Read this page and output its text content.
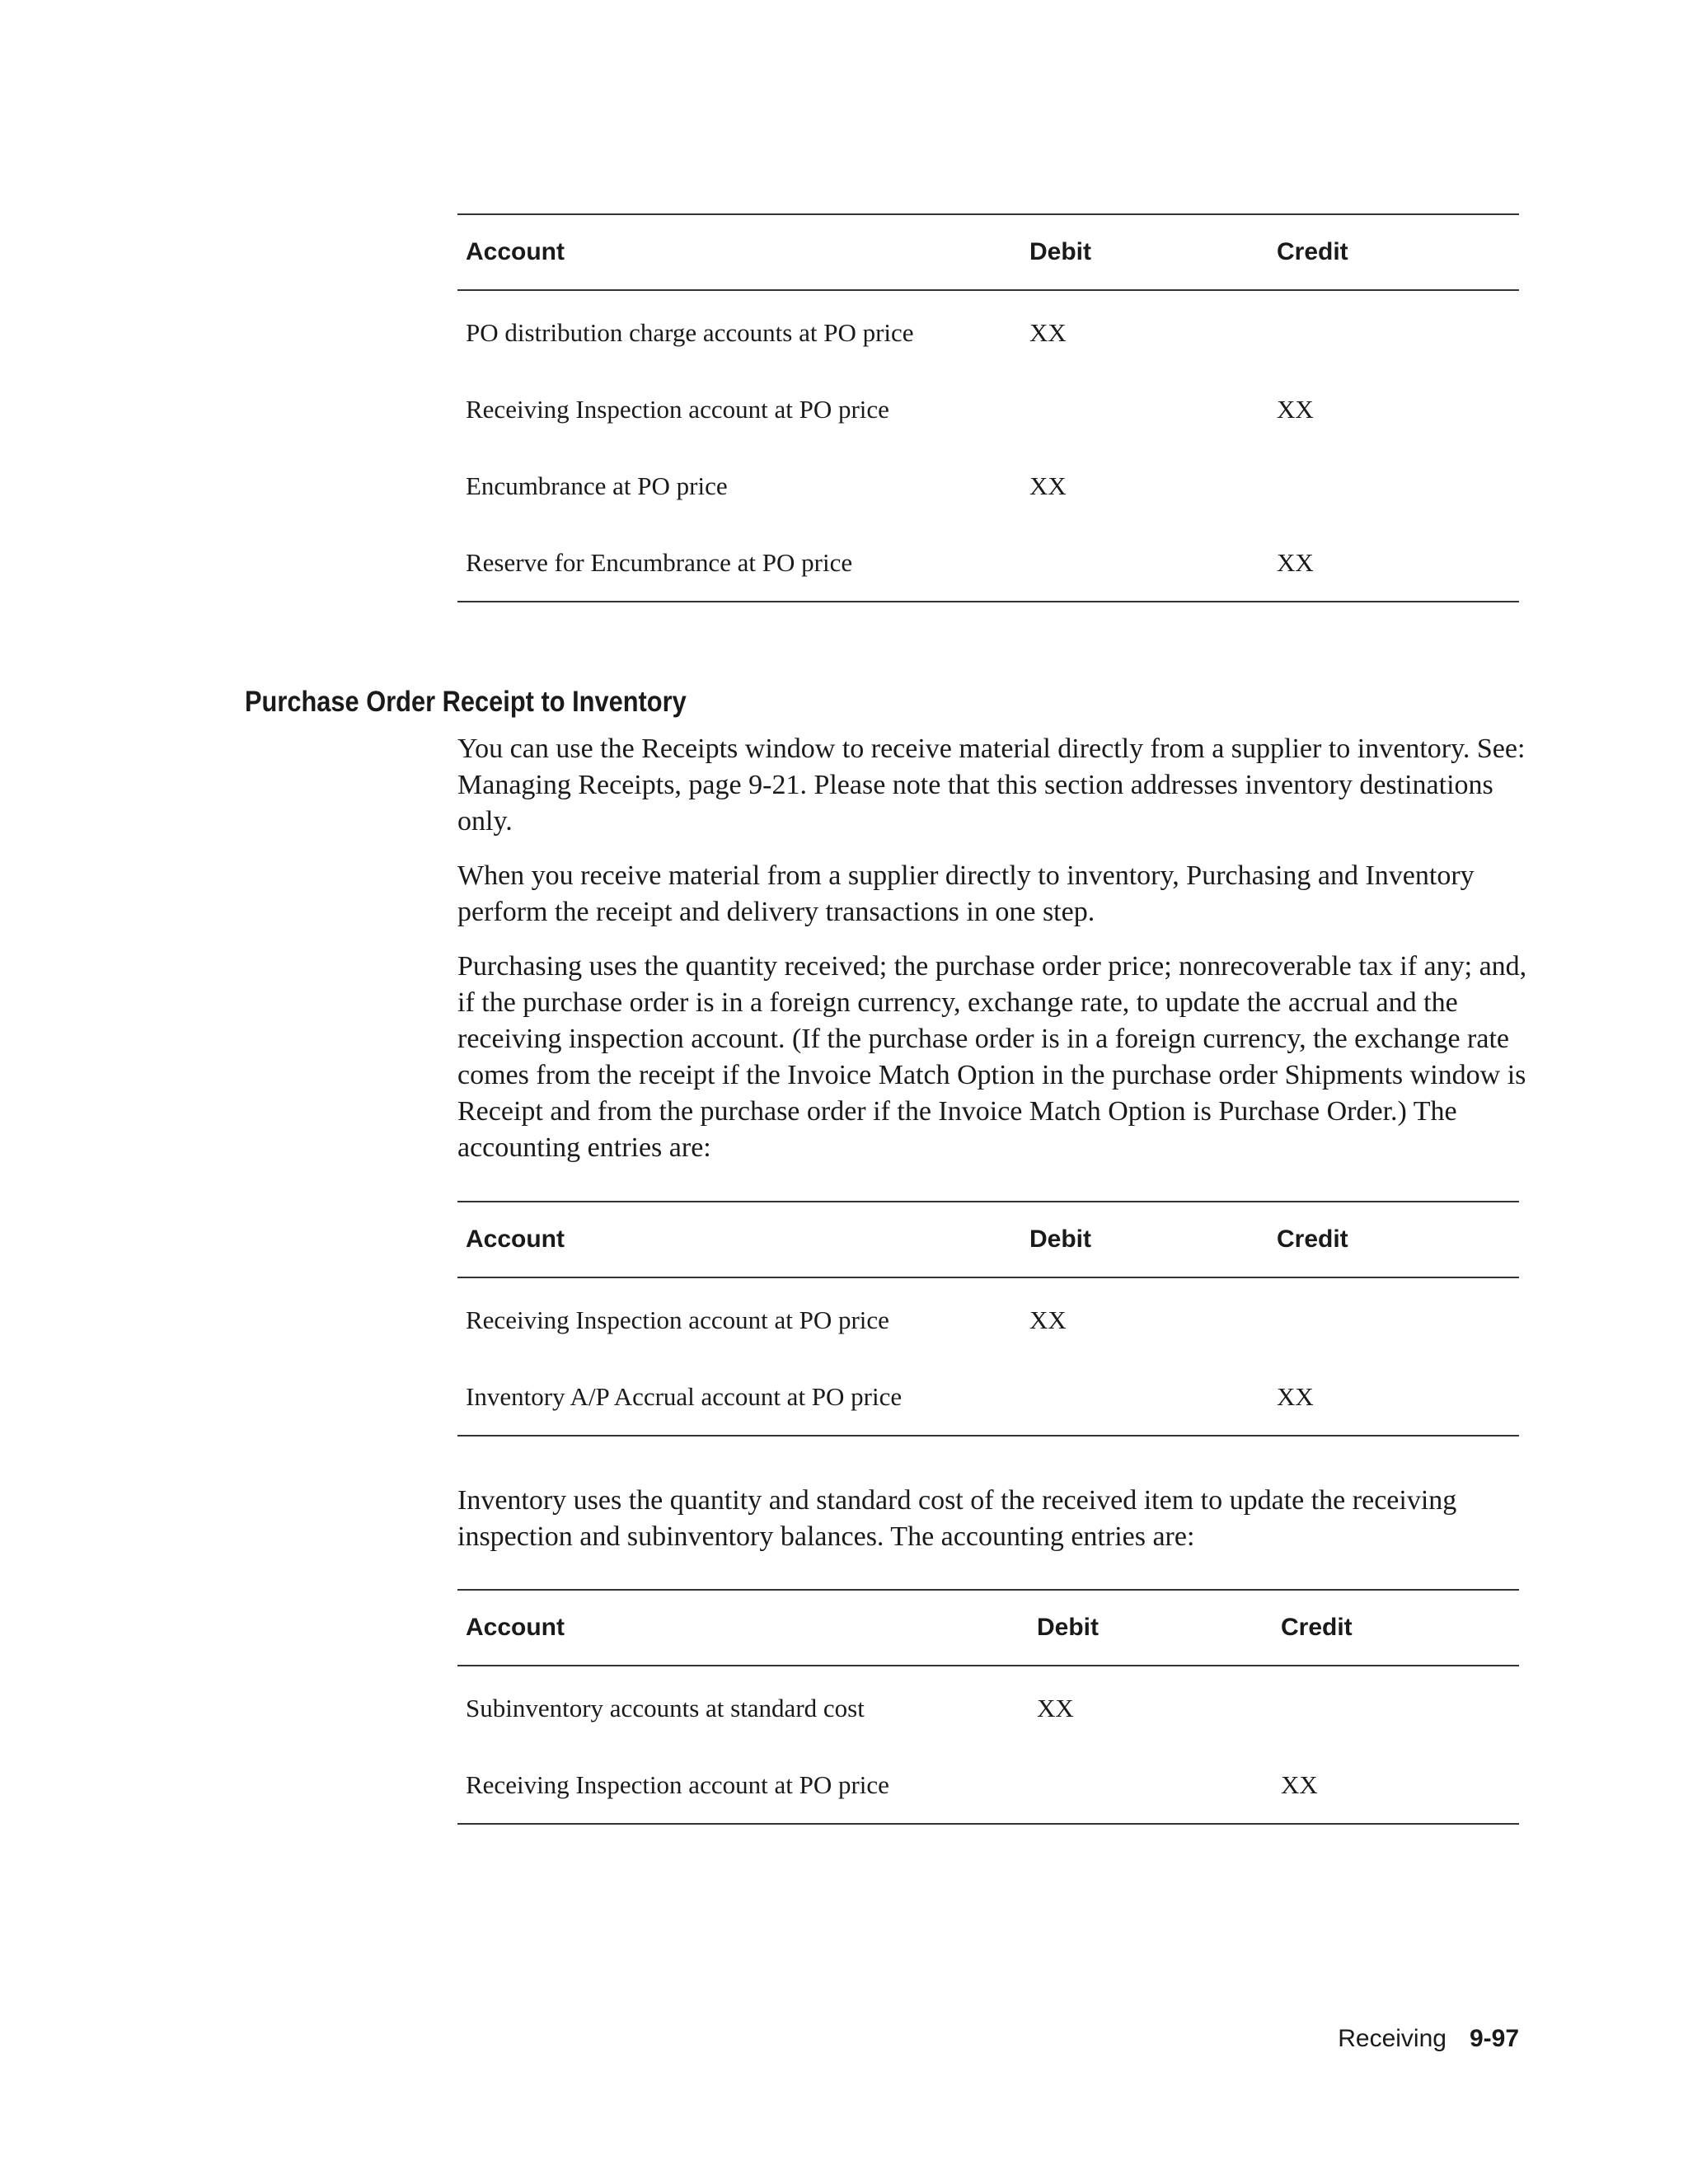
Account	Debit	Credit
PO distribution charge accounts at PO price	XX	
Receiving Inspection account at PO price		XX
Encumbrance at PO price	XX	
Reserve for Encumbrance at PO price		XX
Purchase Order Receipt to Inventory

You can use the Receipts window to receive material directly from a supplier to inventory. See: Managing Receipts, page 9-21. Please note that this section addresses inventory destinations only.

When you receive material from a supplier directly to inventory, Purchasing and Inventory perform the receipt and delivery transactions in one step.

Purchasing uses the quantity received; the purchase order price; nonrecoverable tax if any; and, if the purchase order is in a foreign currency, exchange rate, to update the accrual and the receiving inspection account. (If the purchase order is in a foreign currency, the exchange rate comes from the receipt if the Invoice Match Option in the purchase order Shipments window is Receipt and from the purchase order if the Invoice Match Option is Purchase Order.) The accounting entries are:

Account	Debit	Credit
Receiving Inspection account at PO price	XX	
Inventory A/P Accrual account at PO price		XX

Inventory uses the quantity and standard cost of the received item to update the receiving inspection and subinventory balances. The accounting entries are:

Account	Debit	Credit
Subinventory accounts at standard cost	XX	
Receiving Inspection account at PO price		XX
Receiving 9-97
